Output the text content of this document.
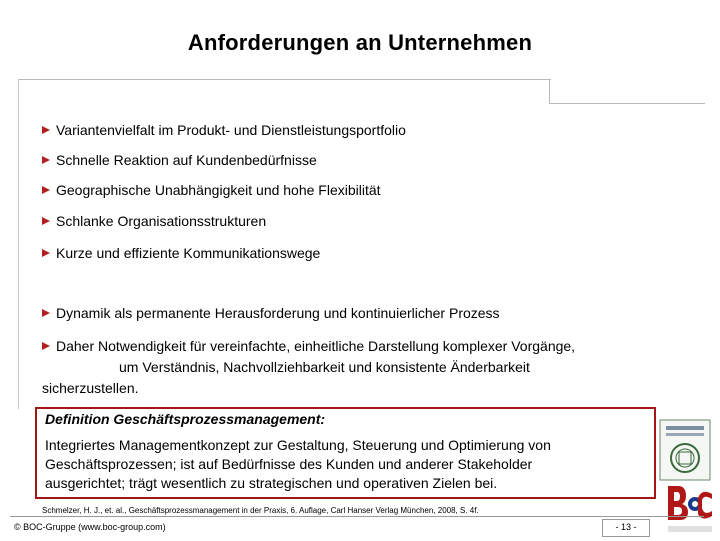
Anforderungen an Unternehmen
Variantenvielfalt im Produkt- und Dienstleistungsportfolio
Schnelle Reaktion auf Kundenbedürfnisse
Geographische Unabhängigkeit und hohe Flexibilität
Schlanke Organisationsstrukturen
Kurze und effiziente Kommunikationswege
Dynamik als permanente Herausforderung und kontinuierlicher Prozess
Daher Notwendigkeit für vereinfachte, einheitliche Darstellung komplexer Vorgänge,
um Verständnis, Nachvollziehbarkeit und konsistente Änderbarkeit
sicherzustellen.
Definition Geschäftsprozessmanagement:
Integriertes Managementkonzept zur Gestaltung, Steuerung und Optimierung von
Geschäftsprozessen; ist auf Bedürfnisse des Kunden und anderer Stakeholder
ausgerichtet; trägt wesentlich zu strategischen und operativen Zielen bei.
Schmelzer, H. J., et. al., Geschäftsprozessmanagement in der Praxis, 6. Auflage, Carl Hanser Verlag München, 2008, S. 4f.
© BOC-Gruppe (www.boc-group.com)	- 13 -
